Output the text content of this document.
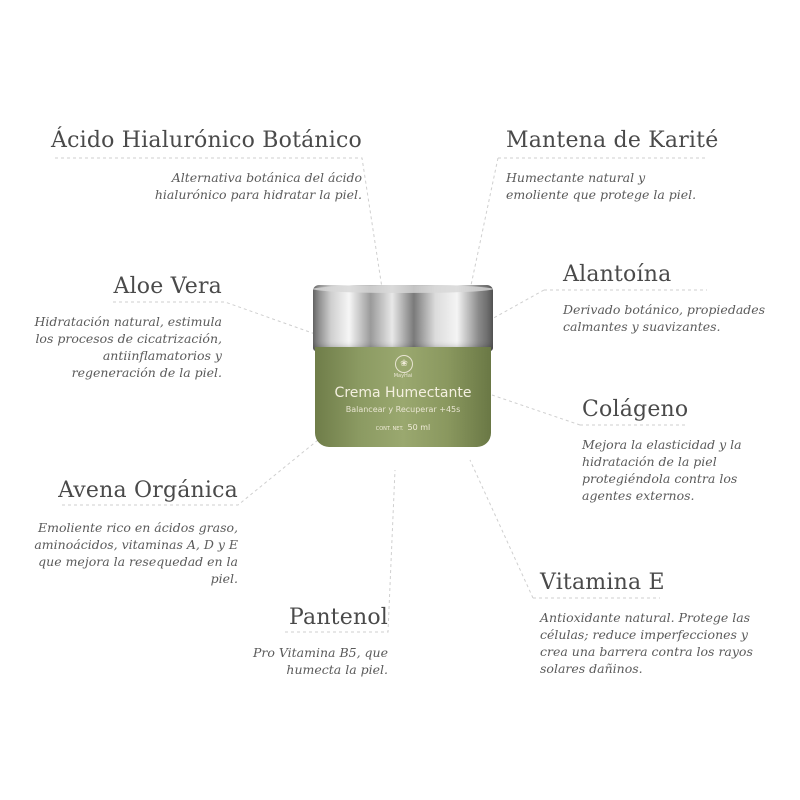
Ácido Hialurónico Botánico
Alternativa botánica del ácido
hialurónico para hidratar la piel.
Mantena de Karité
Humectante natural y
emoliente que protege la piel.
Aloe Vera
Hidratación natural, estimula
los procesos de cicatrización,
antiinflamatorios y
regeneración de la piel.
Alantoína
Derivado botánico, propiedades
calmantes y suavizantes.
Colágeno
Mejora la elasticidad y la
hidratación de la piel
protegiéndola contra los
agentes externos.
Avena Orgánica
Emoliente rico en ácidos graso,
aminoácidos, vitaminas A, D y E
que mejora la resequedad en la
piel.	Vitamina E
Antioxidante natural. Protege las
células; reduce imperfecciones y
crea una barrera contra los rayos
solares dañinos.
Pantenol
Pro Vitamina B5, que
humecta la piel.
❀
MayHai
Crema Humectante
Balancear y Recuperar +45s
CONT. NET. 50 ml
